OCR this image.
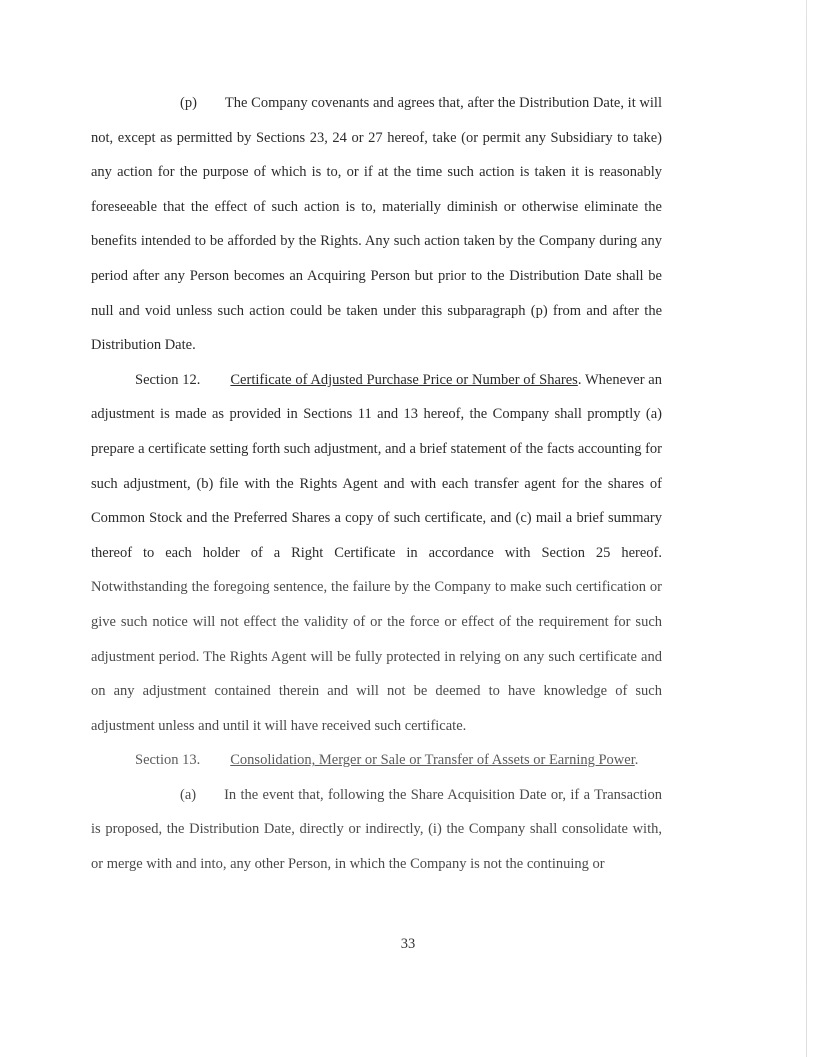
(p) The Company covenants and agrees that, after the Distribution Date, it will not, except as permitted by Sections 23, 24 or 27 hereof, take (or permit any Subsidiary to take) any action for the purpose of which is to, or if at the time such action is taken it is reasonably foreseeable that the effect of such action is to, materially diminish or otherwise eliminate the benefits intended to be afforded by the Rights. Any such action taken by the Company during any period after any Person becomes an Acquiring Person but prior to the Distribution Date shall be null and void unless such action could be taken under this subparagraph (p) from and after the Distribution Date.

Section 12. Certificate of Adjusted Purchase Price or Number of Shares. Whenever an adjustment is made as provided in Sections 11 and 13 hereof, the Company shall promptly (a) prepare a certificate setting forth such adjustment, and a brief statement of the facts accounting for such adjustment, (b) file with the Rights Agent and with each transfer agent for the shares of Common Stock and the Preferred Shares a copy of such certificate, and (c) mail a brief summary thereof to each holder of a Right Certificate in accordance with Section 25 hereof. Notwithstanding the foregoing sentence, the failure by the Company to make such certification or give such notice will not effect the validity of or the force or effect of the requirement for such adjustment period. The Rights Agent will be fully protected in relying on any such certificate and on any adjustment contained therein and will not be deemed to have knowledge of such adjustment unless and until it will have received such certificate.

Section 13. Consolidation, Merger or Sale or Transfer of Assets or Earning Power.

(a) In the event that, following the Share Acquisition Date or, if a Transaction is proposed, the Distribution Date, directly or indirectly, (i) the Company shall consolidate with, or merge with and into, any other Person, in which the Company is not the continuing or

33
